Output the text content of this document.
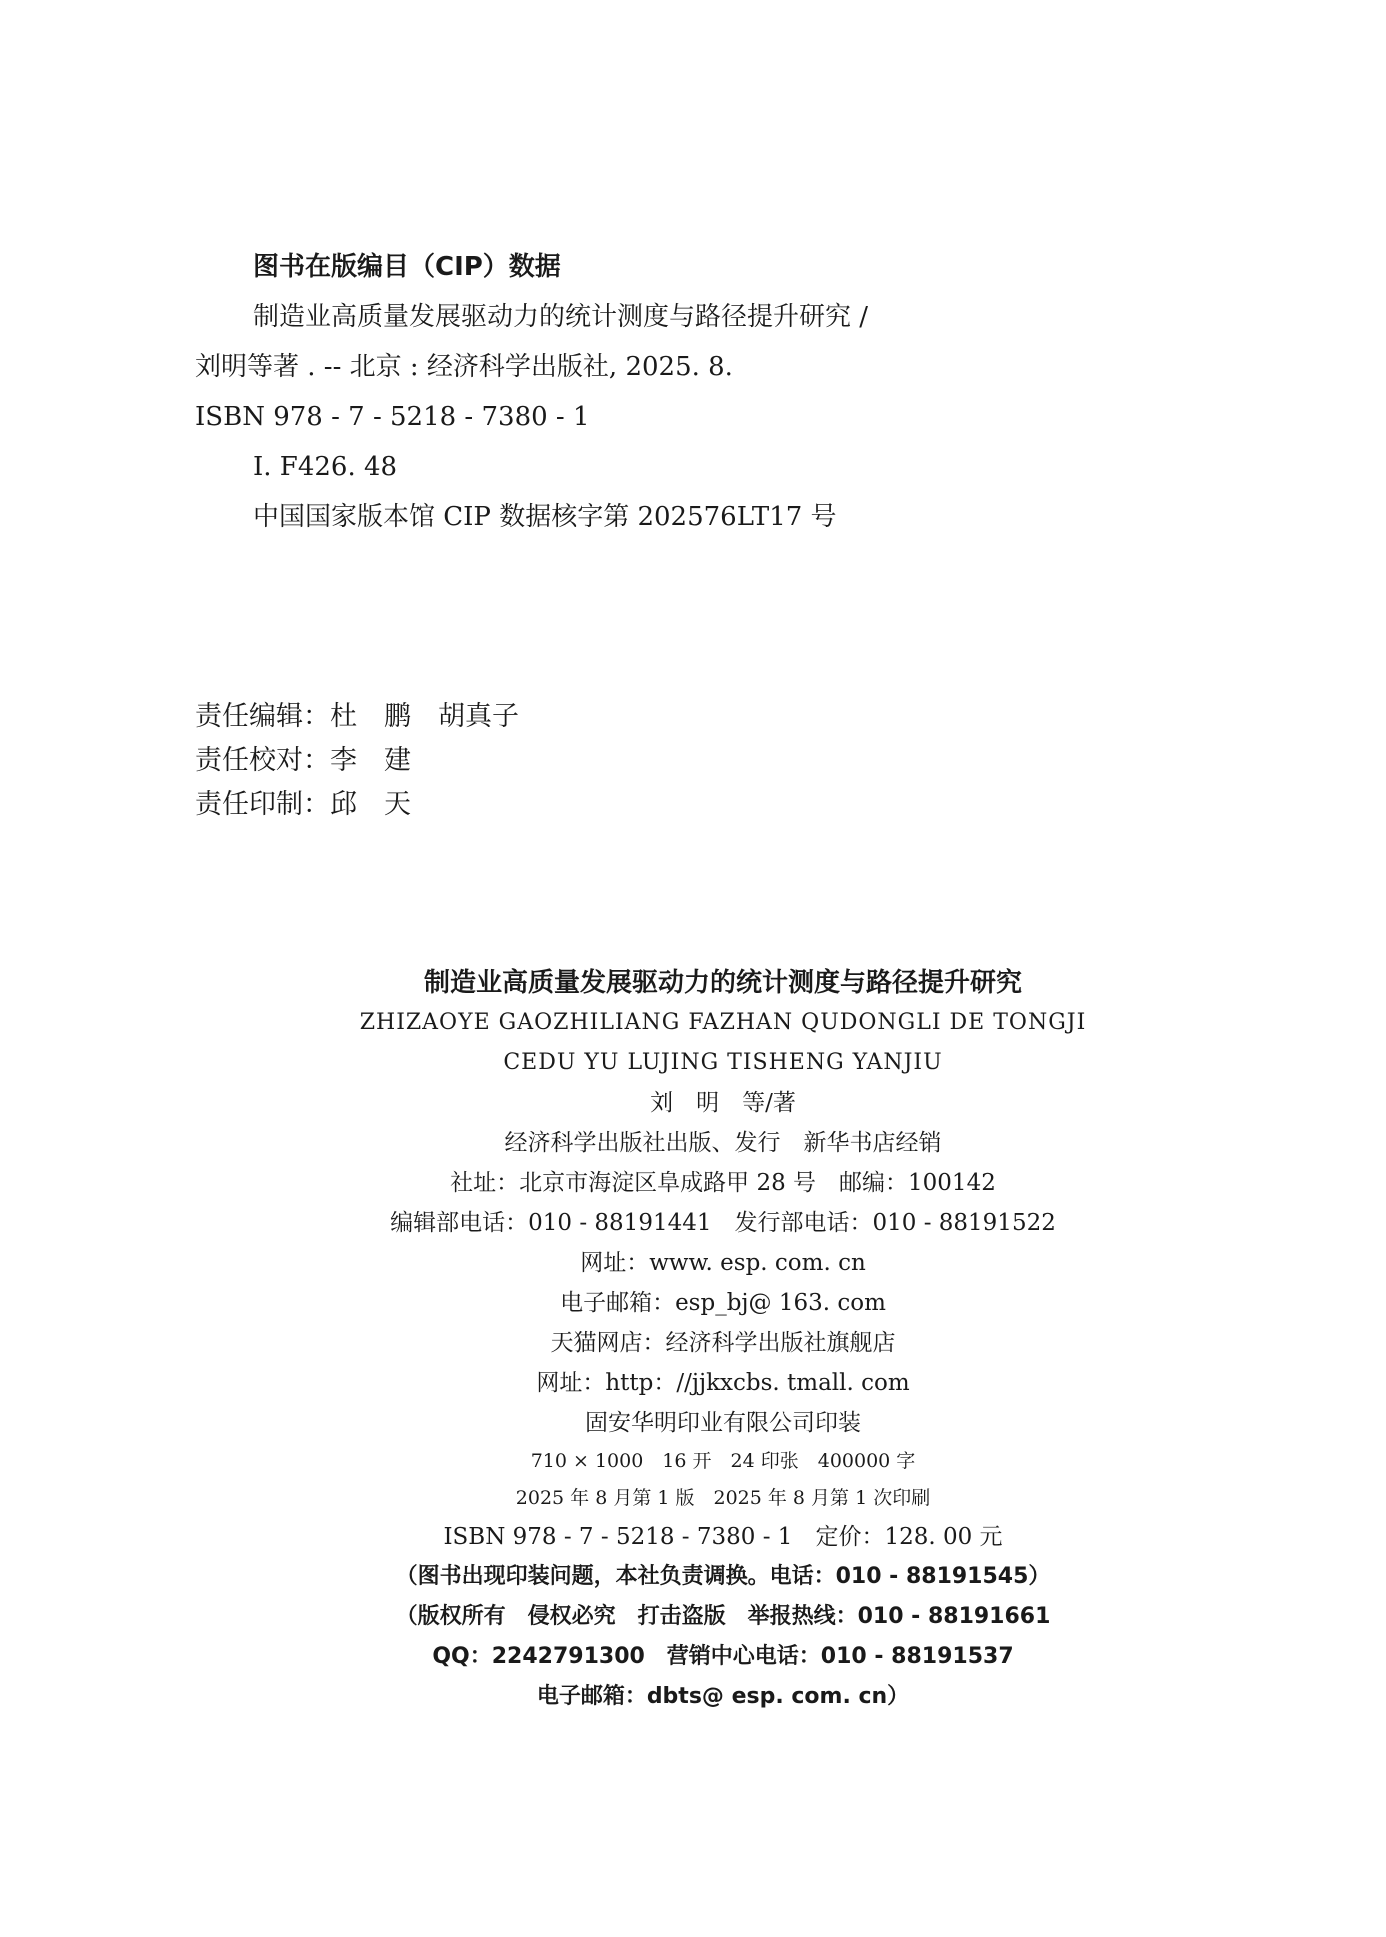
图书在版编目（CIP）数据
制造业高质量发展驱动力的统计测度与路径提升研究 /
刘明等著 . -- 北京 : 经济科学出版社, 2025. 8.
ISBN 978 - 7 - 5218 - 7380 - 1
Ⅰ. F426. 48
中国国家版本馆 CIP 数据核字第 202576LT17 号
责任编辑：杜　鹏　胡真子
责任校对：李　建
责任印制：邱　天
制造业高质量发展驱动力的统计测度与路径提升研究
ZHIZAOYE GAOZHILIANG FAZHAN QUDONGLI DE TONGJI
CEDU YU LUJING TISHENG YANJIU
刘　明　等/著
经济科学出版社出版、发行　新华书店经销
社址：北京市海淀区阜成路甲 28 号　邮编：100142
编辑部电话：010 - 88191441　发行部电话：010 - 88191522
网址：www. esp. com. cn
电子邮箱：esp_bj@ 163. com
天猫网店：经济科学出版社旗舰店
网址：http：//jjkxcbs. tmall. com
固安华明印业有限公司印装
710 × 1000　16 开　24 印张　400000 字
2025 年 8 月第 1 版　2025 年 8 月第 1 次印刷
ISBN 978 - 7 - 5218 - 7380 - 1　定价：128. 00 元
（图书出现印装问题，本社负责调换。电话：010 - 88191545）
（版权所有　侵权必究　打击盗版　举报热线：010 - 88191661
QQ：2242791300　营销中心电话：010 - 88191537
电子邮箱：dbts@ esp. com. cn）
